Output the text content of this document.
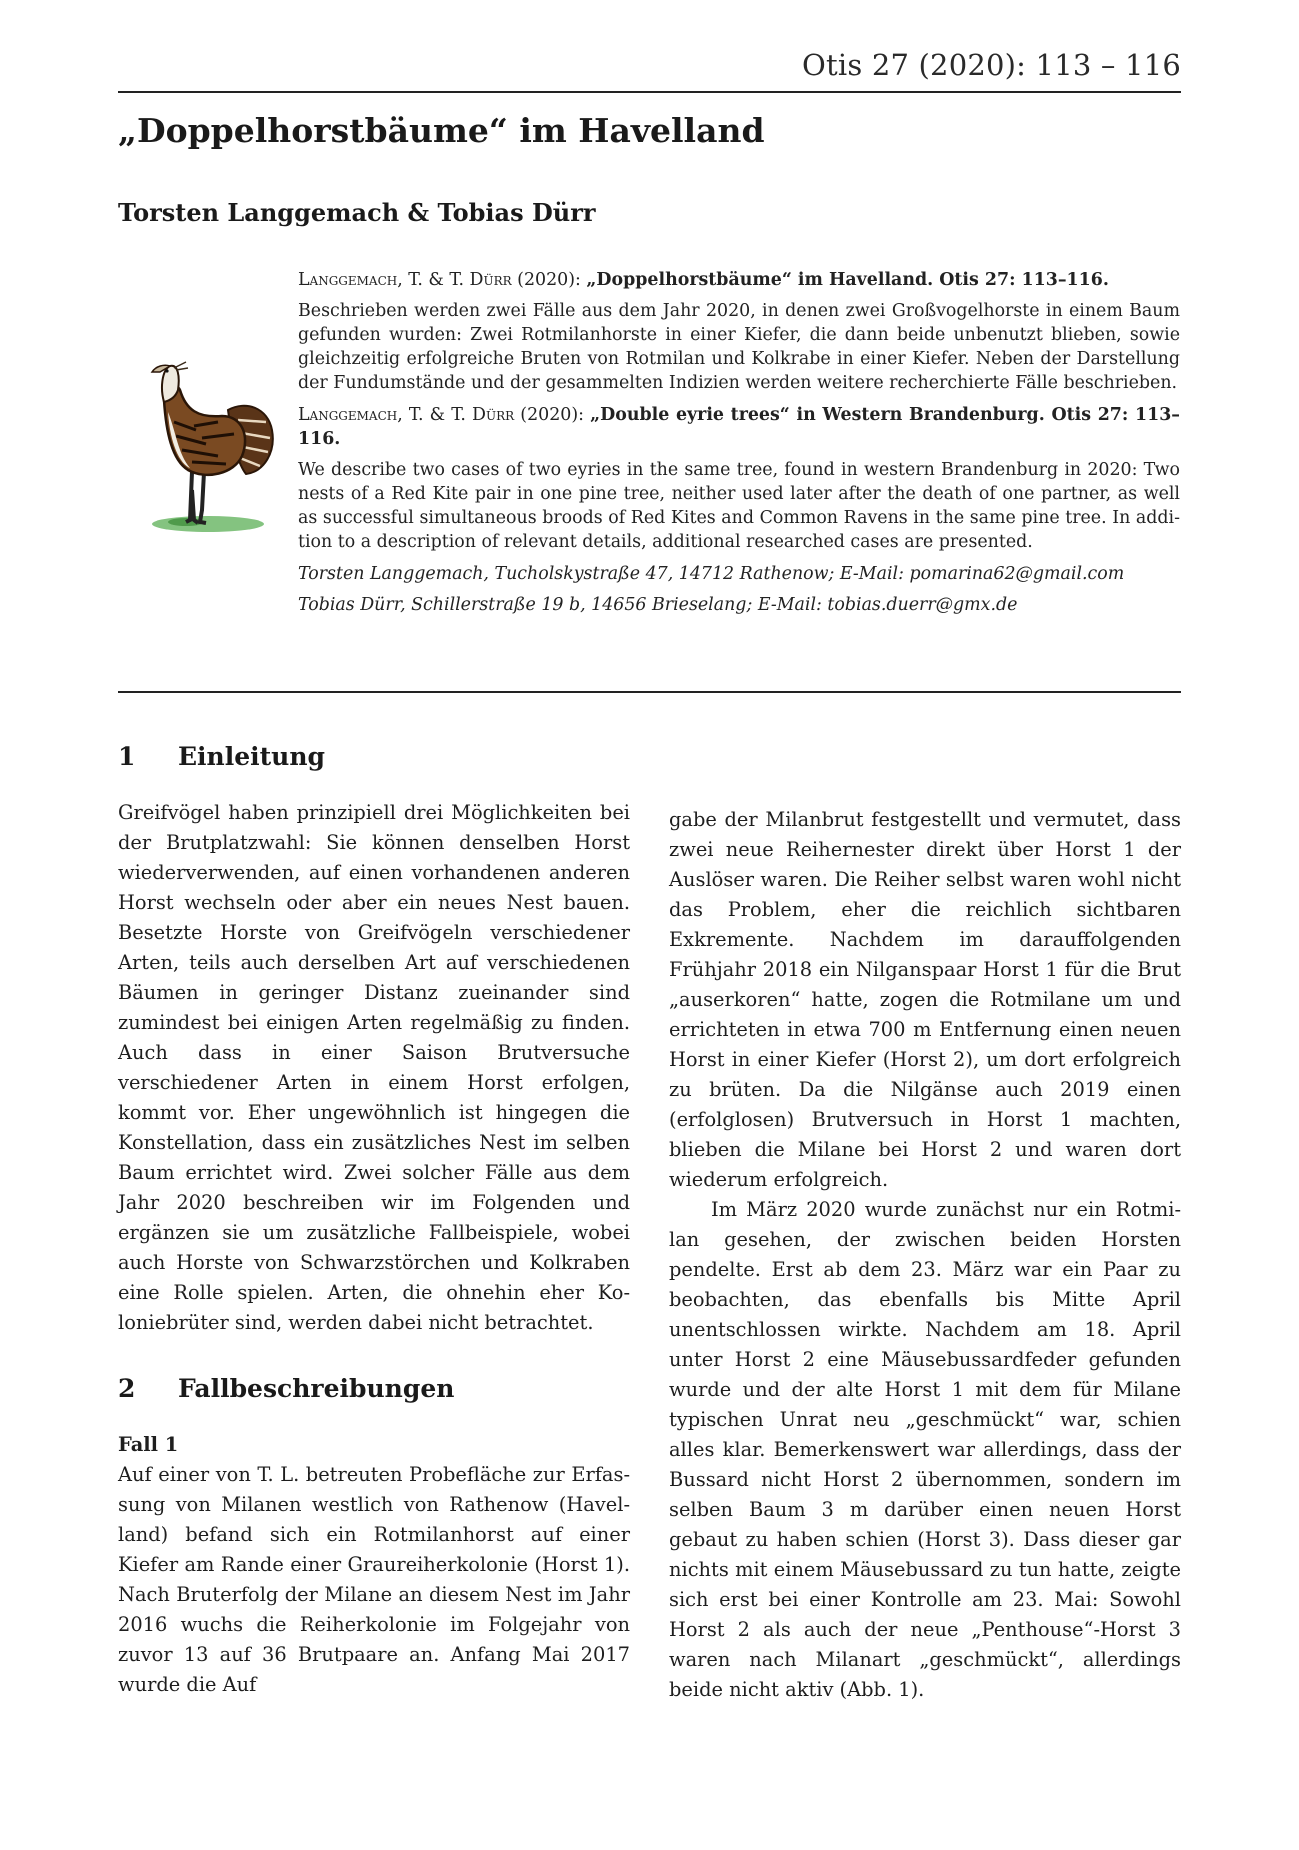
Otis 27 (2020): 113 – 116
„Doppelhorstbäume“ im Havelland
Torsten Langgemach & Tobias Dürr

Langgemach, T. & T. Dürr (2020): „Doppelhorstbäume“ im Havelland. Otis 27: 113–116.

Beschrieben werden zwei Fälle aus dem Jahr 2020, in denen zwei Großvogelhorste in einem Baum gefunden wurden: Zwei Rotmilanhorste in einer Kiefer, die dann beide unbenutzt blieben, sowie gleichzeitig erfolgreiche Bruten von Rotmilan und Kolkrabe in einer Kiefer. Neben der Darstellung der Fundumstände und der gesammelten Indizien werden weitere recherchierte Fälle beschrieben.

Langgemach, T. & T. Dürr (2020): „Double eyrie trees“ in Western Brandenburg. Otis 27: 113–116.

We describe two cases of two eyries in the same tree, found in western Brandenburg in 2020: Two nests of a Red Kite pair in one pine tree, neither used later after the death of one partner, as well as successful simultaneous broods of Red Kites and Common Ravens in the same pine tree. In addition to a description of relevant details, additional researched cases are presented.

Torsten Langgemach, Tucholskystraße 47, 14712 Rathenow; E-Mail: pomarina62@gmail.com

Tobias Dürr, Schillerstraße 19 b, 14656 Brieselang; E-Mail: tobias.duerr@gmx.de

1 Einleitung

Greifvögel haben prinzipiell drei Möglichkeiten bei der Brutplatzwahl: Sie können denselben Horst wiederverwenden, auf einen vorhandenen anderen Horst wechseln oder aber ein neues Nest bauen. Besetzte Horste von Greifvögeln verschiedener Arten, teils auch derselben Art auf verschiedenen Bäumen in geringer Distanz zueinander sind zumindest bei einigen Arten regelmäßig zu finden. Auch dass in einer Saison Brutversuche verschiedener Arten in einem Horst erfolgen, kommt vor. Eher ungewöhnlich ist hingegen die Konstellation, dass ein zusätzliches Nest im selben Baum errichtet wird. Zwei solcher Fälle aus dem Jahr 2020 beschreiben wir im Folgenden und ergänzen sie um zusätzliche Fallbeispiele, wobei auch Horste von Schwarzstörchen und Kolkraben eine Rolle spielen. Arten, die ohnehin eher Koloniebrüter sind, werden dabei nicht betrachtet.

2 Fallbeschreibungen
Fall 1

Auf einer von T. L. betreuten Probefläche zur Erfassung von Milanen westlich von Rathenow (Havelland) befand sich ein Rotmilanhorst auf einer Kiefer am Rande einer Graureiherkolonie (Horst 1). Nach Bruterfolg der Milane an diesem Nest im Jahr 2016 wuchs die Reiherkolonie im Folgejahr von zuvor 13 auf 36 Brutpaare an. Anfang Mai 2017 wurde die Auf

gabe der Milanbrut festgestellt und vermutet, dass zwei neue Reihernester direkt über Horst 1 der Auslöser waren. Die Reiher selbst waren wohl nicht das Problem, eher die reichlich sichtbaren Exkremente. Nachdem im darauffolgenden Frühjahr 2018 ein Nilganspaar Horst 1 für die Brut „auserkoren“ hatte, zogen die Rotmilane um und errichteten in etwa 700 m Entfernung einen neuen Horst in einer Kiefer (Horst 2), um dort erfolgreich zu brüten. Da die Nilgänse auch 2019 einen (erfolglosen) Brutversuch in Horst 1 machten, blieben die Milane bei Horst 2 und waren dort wiederum erfolgreich.

Im März 2020 wurde zunächst nur ein Rotmilan gesehen, der zwischen beiden Horsten pendelte. Erst ab dem 23. März war ein Paar zu beobachten, das ebenfalls bis Mitte April unentschlossen wirkte. Nachdem am 18. April unter Horst 2 eine Mäusebussardfeder gefunden wurde und der alte Horst 1 mit dem für Milane typischen Unrat neu „geschmückt“ war, schien alles klar. Bemerkenswert war allerdings, dass der Bussard nicht Horst 2 übernommen, sondern im selben Baum 3 m darüber einen neuen Horst gebaut zu haben schien (Horst 3). Dass dieser gar nichts mit einem Mäusebussard zu tun hatte, zeigte sich erst bei einer Kontrolle am 23. Mai: Sowohl Horst 2 als auch der neue „Penthouse“-Horst 3 waren nach Milanart „geschmückt“, allerdings beide nicht aktiv (Abb. 1).
